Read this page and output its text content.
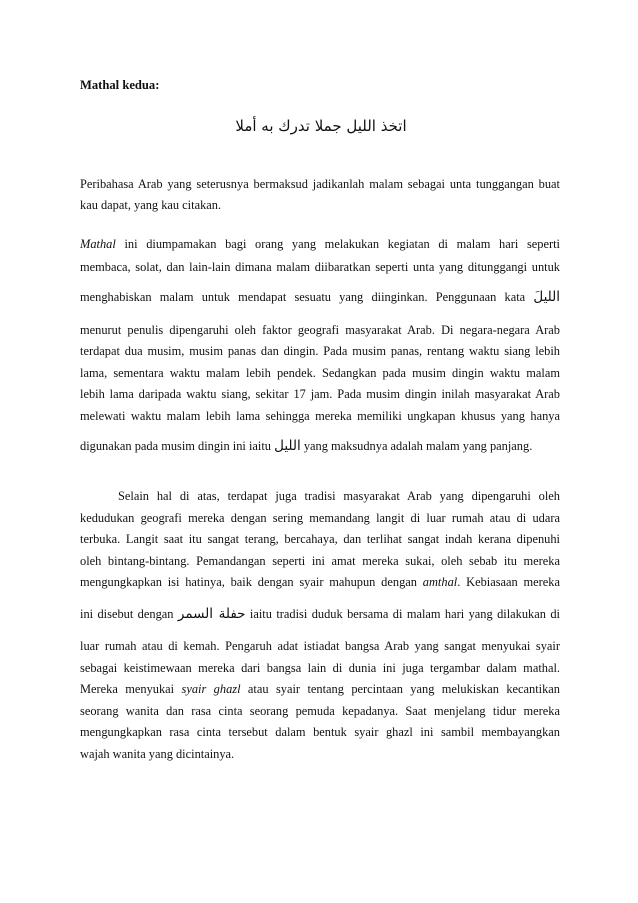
Mathal kedua:

اتخذ الليل جملا تدرك به أملا
Peribahasa Arab yang seterusnya bermaksud jadikanlah malam sebagai unta tunggangan buat
kau dapat, yang kau citakan.
Mathal ini diumpamakan bagi orang yang melakukan kegiatan di malam hari seperti
membaca, solat, dan lain-lain dimana malam diibaratkan seperti unta yang ditunggangi untuk
menghabiskan malam untuk mendapat sesuatu yang diinginkan. Penggunaan kata الليلَ
menurut penulis dipengaruhi oleh faktor geografi masyarakat Arab. Di negara-negara Arab
terdapat dua musim, musim panas dan dingin. Pada musim panas, rentang waktu siang lebih
lama, sementara waktu malam lebih pendek. Sedangkan pada musim dingin waktu malam
lebih lama daripada waktu siang, sekitar 17 jam. Pada musim dingin inilah masyarakat Arab
melewati waktu malam lebih lama sehingga mereka memiliki ungkapan khusus yang hanya
digunakan pada musim dingin ini iaitu الليل yang maksudnya adalah malam yang panjang.
Selain hal di atas, terdapat juga tradisi masyarakat Arab yang dipengaruhi oleh
kedudukan geografi mereka dengan sering memandang langit di luar rumah atau di udara
terbuka. Langit saat itu sangat terang, bercahaya, dan terlihat sangat indah kerana dipenuhi
oleh bintang-bintang. Pemandangan seperti ini amat mereka sukai, oleh sebab itu mereka
mengungkapkan isi hatinya, baik dengan syair mahupun dengan amthal. Kebiasaan mereka
ini disebut dengan حفلة السمر iaitu tradisi duduk bersama di malam hari yang dilakukan di
luar rumah atau di kemah. Pengaruh adat istiadat bangsa Arab yang sangat menyukai syair
sebagai keistimewaan mereka dari bangsa lain di dunia ini juga tergambar dalam mathal.
Mereka menyukai syair ghazl atau syair tentang percintaan yang melukiskan kecantikan
seorang wanita dan rasa cinta seorang pemuda kepadanya. Saat menjelang tidur mereka
mengungkapkan rasa cinta tersebut dalam bentuk syair ghazl ini sambil membayangkan
wajah wanita yang dicintainya.
